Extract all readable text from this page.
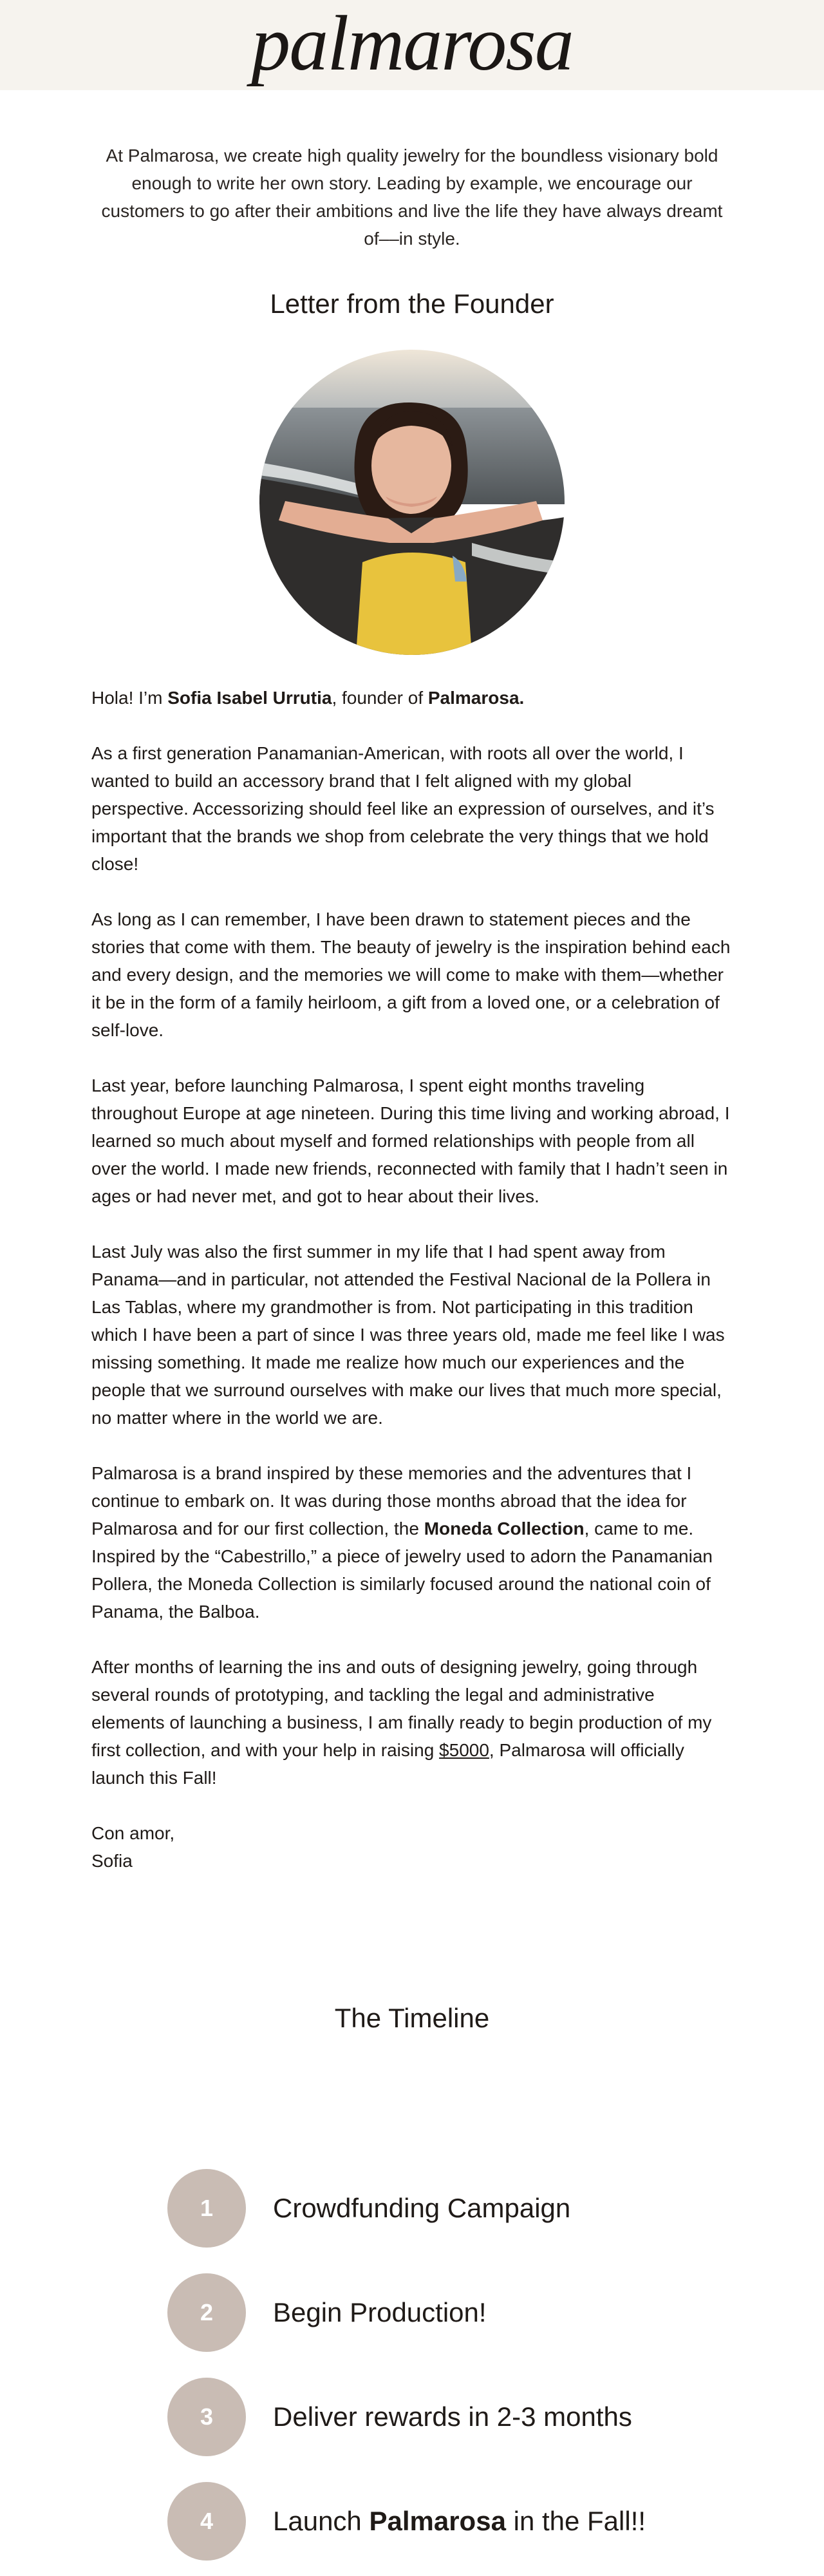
palmarosa
At Palmarosa, we create high quality jewelry for the boundless visionary bold enough to write her own story. Leading by example, we encourage our customers to go after their ambitions and live the life they have always dreamt of––in style.
Letter from the Founder

Hola! I’m Sofia Isabel Urrutia, founder of Palmarosa.

As a first generation Panamanian-American, with roots all over the world, I wanted to build an accessory brand that I felt aligned with my global perspective. Accessorizing should feel like an expression of ourselves, and it’s important that the brands we shop from celebrate the very things that we hold close!

As long as I can remember, I have been drawn to statement pieces and the stories that come with them. The beauty of jewelry is the inspiration behind each and every design, and the memories we will come to make with them—whether it be in the form of a family heirloom, a gift from a loved one, or a celebration of self-love.

Last year, before launching Palmarosa, I spent eight months traveling throughout Europe at age nineteen. During this time living and working abroad, I learned so much about myself and formed relationships with people from all over the world. I made new friends, reconnected with family that I hadn’t seen in ages or had never met, and got to hear about their lives.

Last July was also the first summer in my life that I had spent away from Panama—and in particular, not attended the Festival Nacional de la Pollera in Las Tablas, where my grandmother is from. Not participating in this tradition which I have been a part of since I was three years old, made me feel like I was missing something. It made me realize how much our experiences and the people that we surround ourselves with make our lives that much more special, no matter where in the world we are.

Palmarosa is a brand inspired by these memories and the adventures that I continue to embark on. It was during those months abroad that the idea for Palmarosa and for our first collection, the Moneda Collection, came to me. Inspired by the “Cabestrillo,” a piece of jewelry used to adorn the Panamanian Pollera, the Moneda Collection is similarly focused around the national coin of Panama, the Balboa.

After months of learning the ins and outs of designing jewelry, going through several rounds of prototyping, and tackling the legal and administrative elements of launching a business, I am finally ready to begin production of my first collection, and with your help in raising $5000, Palmarosa will officially launch this Fall!

Con amor,

Sofia

The Timeline
1	Crowdfunding Campaign
2	Begin Production!
3	Deliver rewards in 2-3 months
4	Launch Palmarosa in the Fall!!
